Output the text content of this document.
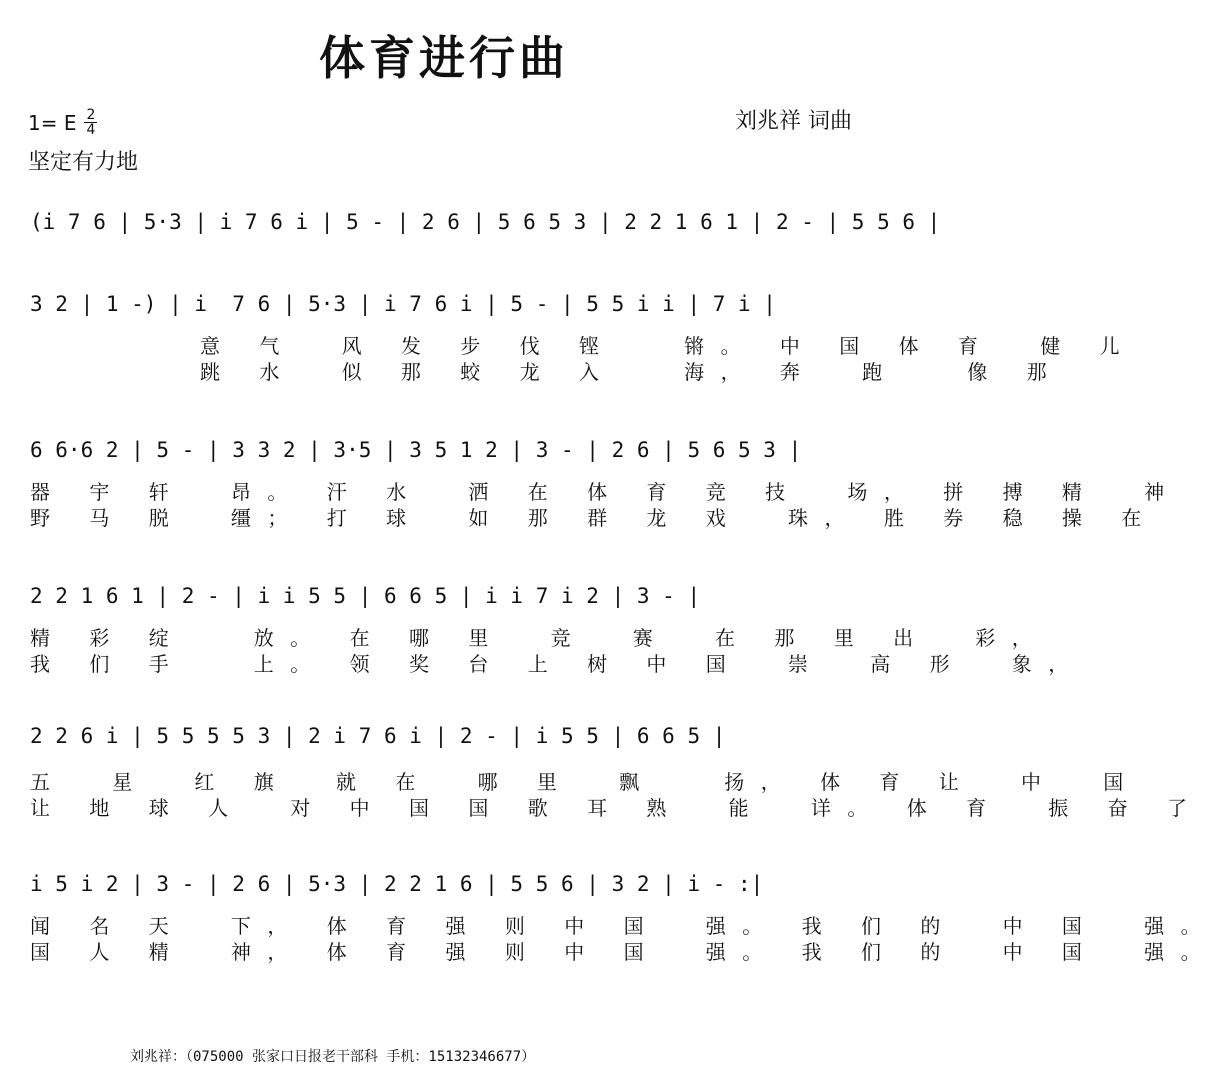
体育进行曲
1= E $\frac{2}{4}$
坚定有力地
刘兆祥 词曲
(i 7 6 | 5·3 | i 7 6 i | 5 - | 2 6 | 5 6 5 3 | 2 2 1 6 1 | 2 - | 5 5 6 |
3 2 | 1 -) | i  7 6 | 5·3 | i 7 6 i | 5 - | 5 5 i i | 7 i |
意 气  风 发 步 伐 铿   锵。 中 国 体 育  健 儿
跳 水  似 那 蛟 龙 入   海， 奔  跑   像 那
6 6·6 2 | 5 - | 3 3 2 | 3·5 | 3 5 1 2 | 3 - | 2 6 | 5 6 5 3 |
器 宇 轩  昂。 汗 水  洒 在 体 育 竞 技  场， 拼 搏 精  神
野 马 脱  缰； 打 球  如 那 群 龙 戏  珠， 胜 券 稳 操 在
2 2 1 6 1 | 2 - | i i 5 5 | 6 6 5 | i i 7 i 2 | 3 - |
精 彩 绽   放。 在 哪 里  竞  赛  在 那 里 出  彩，
我 们 手   上。 领 奖 台 上 树 中 国  崇  高 形  象，
2 2 6 i | 5 5 5 5 3 | 2 i 7 6 i | 2 - | i 5 5 | 6 6 5 |
五  星  红 旗  就 在  哪 里  飘   扬， 体 育 让  中  国
让 地 球 人  对 中 国 国 歌 耳 熟  能  详。 体 育  振 奋 了
i 5 i 2 | 3 - | 2 6 | 5·3 | 2 2 1 6 | 5 5 6 | 3 2 | i - :|
闻 名 天  下， 体 育 强 则 中 国  强。 我 们 的  中 国  强。
国 人 精  神， 体 育 强 则 中 国  强。 我 们 的  中 国  强。
刘兆祥：（075000 张家口日报老干部科 手机：15132346677）
